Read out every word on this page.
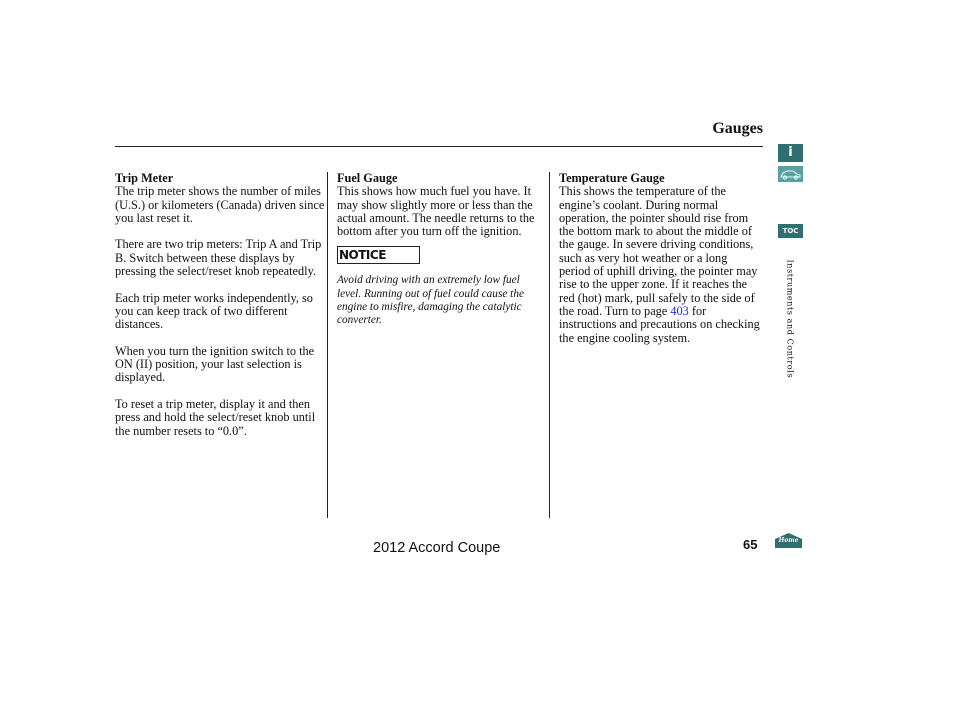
Gauges
Trip Meter

The trip meter shows the number of miles (U.S.) or kilometers (Canada) driven since you last reset it.

There are two trip meters: Trip A and Trip B. Switch between these displays by pressing the select/reset knob repeatedly.

Each trip meter works independently, so you can keep track of two different distances.

When you turn the ignition switch to the ON (II) position, your last selection is displayed.

To reset a trip meter, display it and then press and hold the select/reset knob until the number resets to “0.0”.

Fuel Gauge
This shows how much fuel you have. It may show slightly more or less than the actual amount. The needle returns to the bottom after you turn off the ignition.
NOTICE
Avoid driving with an extremely low fuel level. Running out of fuel could cause the engine to misfire, damaging the catalytic converter.
Temperature Gauge
This shows the temperature of the engine’s coolant. During normal operation, the pointer should rise from the bottom mark to about the middle of the gauge. In severe driving conditions, such as very hot weather or a long period of uphill driving, the pointer may rise to the upper zone. If it reaches the red (hot) mark, pull safely to the side of the road. Turn to page 403 for instructions and precautions on checking the engine cooling system.
2012 Accord Coupe	65
i
TOC
Instruments and Controls
Home
